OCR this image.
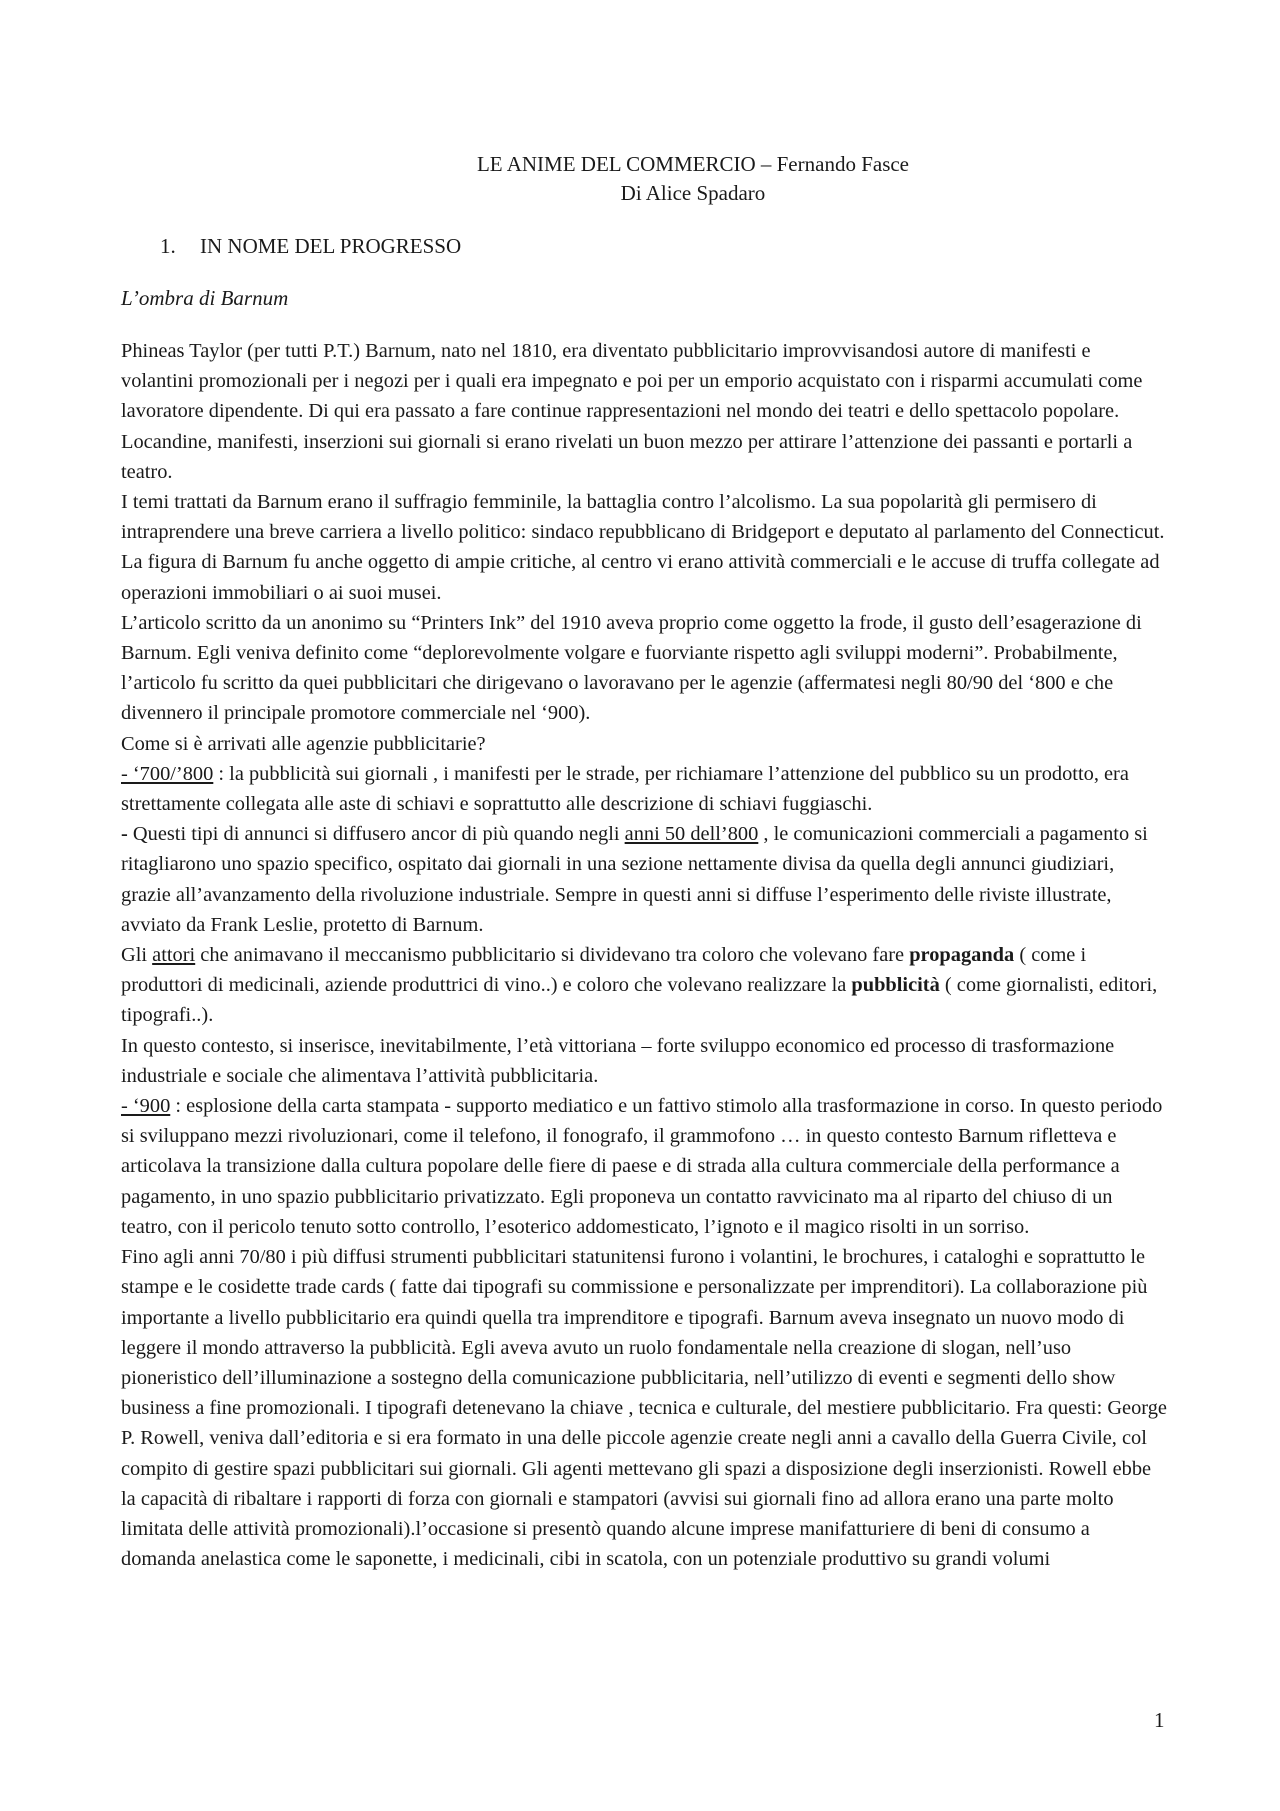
LE ANIME DEL COMMERCIO – Fernando Fasce
Di Alice Spadaro
1. IN NOME DEL PROGRESSO
L’ombra di Barnum

Phineas Taylor (per tutti P.T.) Barnum, nato nel 1810, era diventato pubblicitario improvvisandosi autore di manifesti e volantini promozionali per i negozi per i quali era impegnato e poi per un emporio acquistato con i risparmi accumulati come lavoratore dipendente. Di qui era passato a fare continue rappresentazioni nel mondo dei teatri e dello spettacolo popolare. Locandine, manifesti, inserzioni sui giornali si erano rivelati un buon mezzo per attirare l’attenzione dei passanti e portarli a teatro.

I temi trattati da Barnum erano il suffragio femminile, la battaglia contro l’alcolismo. La sua popolarità gli permisero di intraprendere una breve carriera a livello politico: sindaco repubblicano di Bridgeport e deputato al parlamento del Connecticut. La figura di Barnum fu anche oggetto di ampie critiche, al centro vi erano attività commerciali e le accuse di truffa collegate ad operazioni immobiliari o ai suoi musei.

L’articolo scritto da un anonimo su “Printers Ink” del 1910 aveva proprio come oggetto la frode, il gusto dell’esagerazione di Barnum. Egli veniva definito come “deplorevolmente volgare e fuorviante rispetto agli sviluppi moderni”. Probabilmente, l’articolo fu scritto da quei pubblicitari che dirigevano o lavoravano per le agenzie (affermatesi negli 80/90 del ‘800 e che divennero il principale promotore commerciale nel ‘900).

Come si è arrivati alle agenzie pubblicitarie?

- ‘700/’800 : la pubblicità sui giornali , i manifesti per le strade, per richiamare l’attenzione del pubblico su un prodotto, era strettamente collegata alle aste di schiavi e soprattutto alle descrizione di schiavi fuggiaschi.

- Questi tipi di annunci si diffusero ancor di più quando negli anni 50 dell’800 , le comunicazioni commerciali a pagamento si ritagliarono uno spazio specifico, ospitato dai giornali in una sezione nettamente divisa da quella degli annunci giudiziari, grazie all’avanzamento della rivoluzione industriale. Sempre in questi anni si diffuse l’esperimento delle riviste illustrate, avviato da Frank Leslie, protetto di Barnum.

Gli attori che animavano il meccanismo pubblicitario si dividevano tra coloro che volevano fare propaganda ( come i produttori di medicinali, aziende produttrici di vino..) e coloro che volevano realizzare la pubblicità ( come giornalisti, editori, tipografi..).

In questo contesto, si inserisce, inevitabilmente, l’età vittoriana – forte sviluppo economico ed processo di trasformazione industriale e sociale che alimentava l’attività pubblicitaria.

- ‘900 : esplosione della carta stampata - supporto mediatico e un fattivo stimolo alla trasformazione in corso. In questo periodo si sviluppano mezzi rivoluzionari, come il telefono, il fonografo, il grammofono … in questo contesto Barnum rifletteva e articolava la transizione dalla cultura popolare delle fiere di paese e di strada alla cultura commerciale della performance a pagamento, in uno spazio pubblicitario privatizzato. Egli proponeva un contatto ravvicinato ma al riparto del chiuso di un teatro, con il pericolo tenuto sotto controllo, l’esoterico addomesticato, l’ignoto e il magico risolti in un sorriso.

Fino agli anni 70/80 i più diffusi strumenti pubblicitari statunitensi furono i volantini, le brochures, i cataloghi e soprattutto le stampe e le cosidette trade cards ( fatte dai tipografi su commissione e personalizzate per imprenditori). La collaborazione più importante a livello pubblicitario era quindi quella tra imprenditore e tipografi. Barnum aveva insegnato un nuovo modo di leggere il mondo attraverso la pubblicità. Egli aveva avuto un ruolo fondamentale nella creazione di slogan, nell’uso pioneristico dell’illuminazione a sostegno della comunicazione pubblicitaria, nell’utilizzo di eventi e segmenti dello show business a fine promozionali. I tipografi detenevano la chiave , tecnica e culturale, del mestiere pubblicitario. Fra questi: George P. Rowell, veniva dall’editoria e si era formato in una delle piccole agenzie create negli anni a cavallo della Guerra Civile, col compito di gestire spazi pubblicitari sui giornali. Gli agenti mettevano gli spazi a disposizione degli inserzionisti. Rowell ebbe la capacità di ribaltare i rapporti di forza con giornali e stampatori (avvisi sui giornali fino ad allora erano una parte molto limitata delle attività promozionali).l’occasione si presentò quando alcune imprese manifatturiere di beni di consumo a domanda anelastica come le saponette, i medicinali, cibi in scatola, con un potenziale produttivo su grandi volumi

1
